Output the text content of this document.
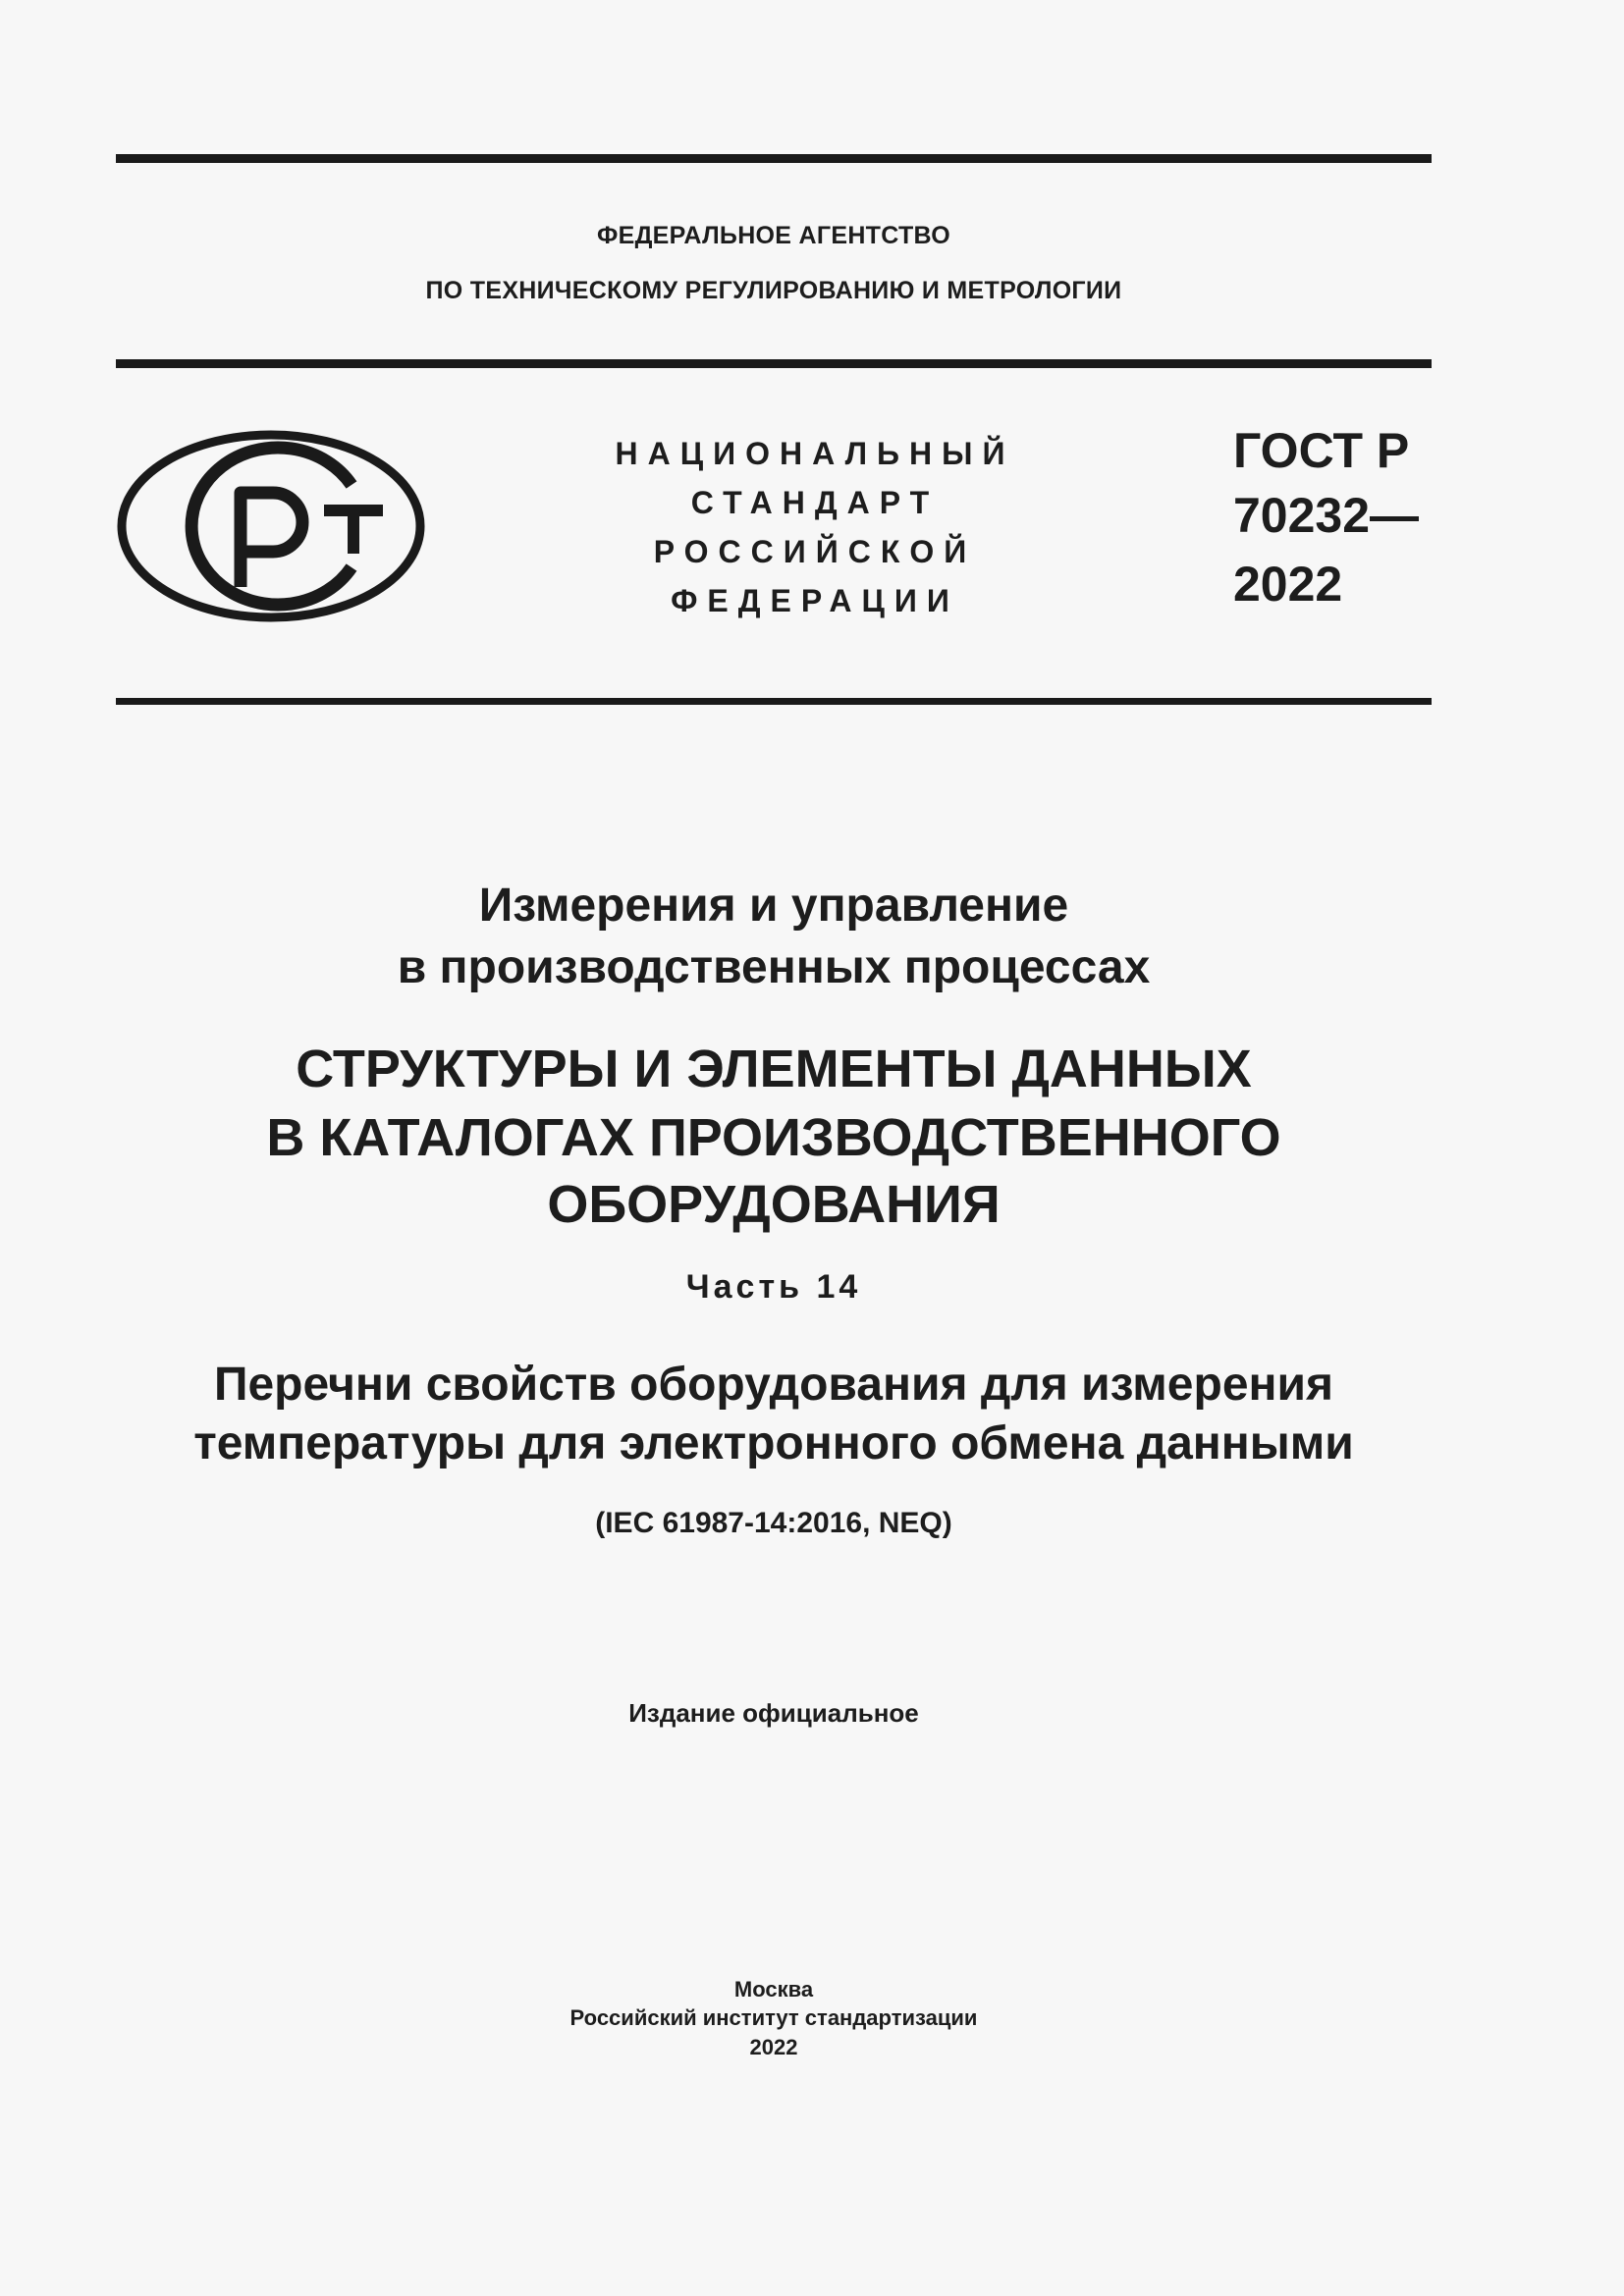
ФЕДЕРАЛЬНОЕ АГЕНТСТВО
ПО ТЕХНИЧЕСКОМУ РЕГУЛИРОВАНИЮ И МЕТРОЛОГИИ
НАЦИОНАЛЬНЫЙ
СТАНДАРТ
РОССИЙСКОЙ
ФЕДЕРАЦИИ
ГОСТ Р
70232—
2022
Измерения и управление
в производственных процессах
СТРУКТУРЫ И ЭЛЕМЕНТЫ ДАННЫХ
В КАТАЛОГАХ ПРОИЗВОДСТВЕННОГО
ОБОРУДОВАНИЯ
Часть 14
Перечни свойств оборудования для измерения
температуры для электронного обмена данными
(IEC 61987-14:2016, NEQ)
Издание официальное
Москва
Российский институт стандартизации
2022
